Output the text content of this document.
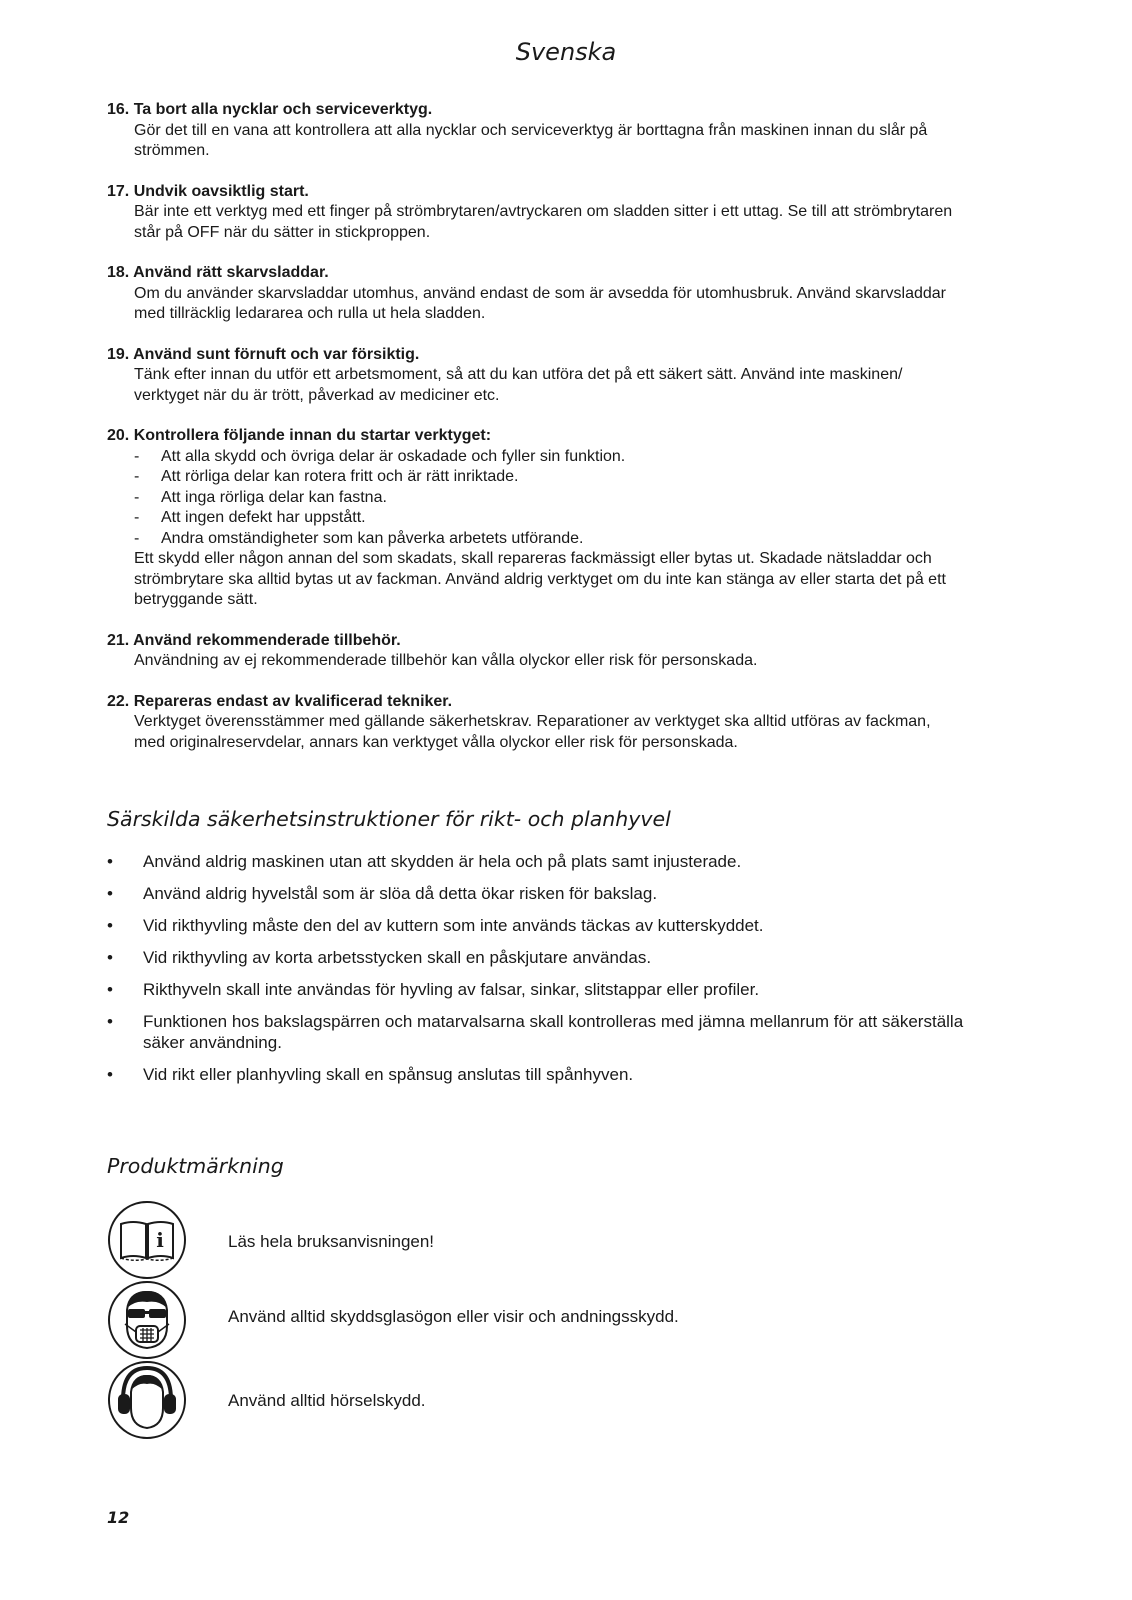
Svenska
16. Ta bort alla nycklar och serviceverktyg.
Gör det till en vana att kontrollera att alla nycklar och serviceverktyg är borttagna från maskinen innan du slår på
strömmen.
17. Undvik oavsiktlig start.
Bär inte ett verktyg med ett finger på strömbrytaren/avtryckaren om sladden sitter i ett uttag. Se till att strömbrytaren
står på OFF när du sätter in stickproppen.
18. Använd rätt skarvsladdar.
Om du använder skarvsladdar utomhus, använd endast de som är avsedda för utomhusbruk. Använd skarvsladdar
med tillräcklig ledararea och rulla ut hela sladden.
19. Använd sunt förnuft och var försiktig.
Tänk efter innan du utför ett arbetsmoment, så att du kan utföra det på ett säkert sätt. Använd inte maskinen/
verktyget när du är trött, påverkad av mediciner etc.
20. Kontrollera följande innan du startar verktyget:
- Att alla skydd och övriga delar är oskadade och fyller sin funktion.
- Att rörliga delar kan rotera fritt och är rätt inriktade.
- Att inga rörliga delar kan fastna.
- Att ingen defekt har uppstått.
- Andra omständigheter som kan påverka arbetets utförande.
Ett skydd eller någon annan del som skadats, skall repareras fackmässigt eller bytas ut. Skadade nätsladdar och
strömbrytare ska alltid bytas ut av fackman. Använd aldrig verktyget om du inte kan stänga av eller starta det på ett
betryggande sätt.
21. Använd rekommenderade tillbehör.
Användning av ej rekommenderade tillbehör kan vålla olyckor eller risk för personskada.
22. Repareras endast av kvalificerad tekniker.
Verktyget överensstämmer med gällande säkerhetskrav. Reparationer av verktyget ska alltid utföras av fackman,
med originalreservdelar, annars kan verktyget vålla olyckor eller risk för personskada.
Särskilda säkerhetsinstruktioner för rikt- och planhyvel
• Använd aldrig maskinen utan att skydden är hela och på plats samt injusterade.
• Använd aldrig hyvelstål som är slöa då detta ökar risken för bakslag.
• Vid rikthyvling måste den del av kuttern som inte används täckas av kutterskyddet.
• Vid rikthyvling av korta arbetsstycken skall en påskjutare användas.
• Rikthyveln skall inte användas för hyvling av falsar, sinkar, slitstappar eller profiler.
• Funktionen hos bakslagspärren och matarvalsarna skall kontrolleras med jämna mellanrum för att säkerställa
säker användning.
• Vid rikt eller planhyvling skall en spånsug anslutas till spånhyven.
Produktmärkning
i	Läs hela bruksanvisningen!
Använd alltid skyddsglasögon eller visir och andningsskydd.
Använd alltid hörselskydd.
12
